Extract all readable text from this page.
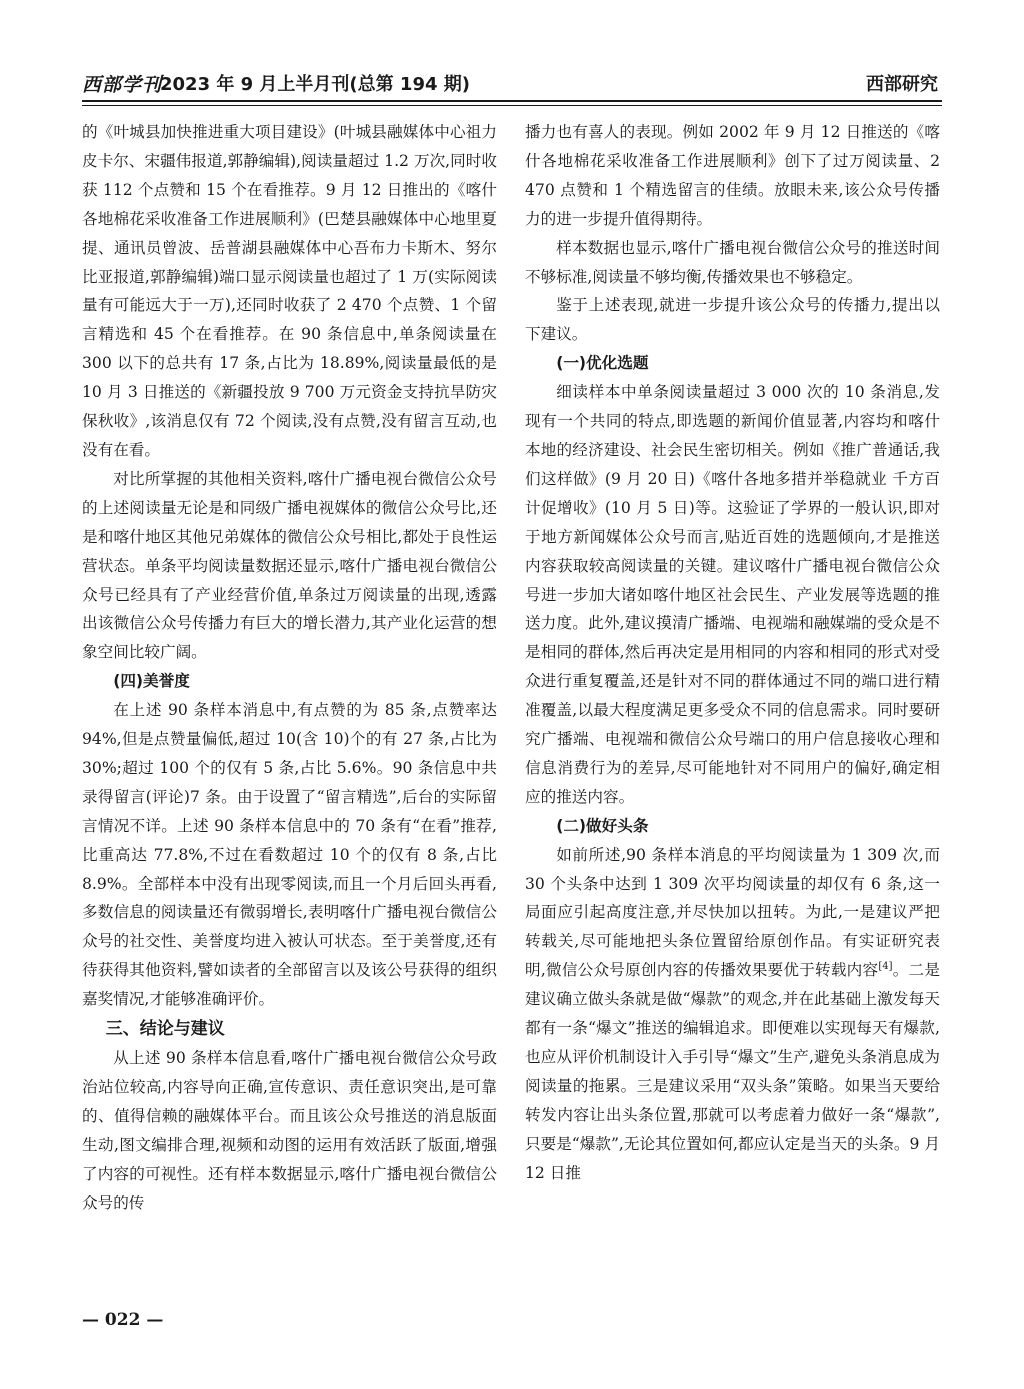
西部学刊
2023 年 9 月上半月刊(总第 194 期)	西部研究

的《叶城县加快推进重大项目建设》(叶城县融媒体中心祖力皮卡尔、宋疆伟报道,郭静编辑),阅读量超过 1.2 万次,同时收获 112 个点赞和 15 个在看推荐。9 月 12 日推出的《喀什各地棉花采收准备工作进展顺利》(巴楚县融媒体中心地里夏提、通讯员曾波、岳普湖县融媒体中心吾布力卡斯木、努尔比亚报道,郭静编辑)端口显示阅读量也超过了 1 万(实际阅读量有可能远大于一万),还同时收获了 2 470 个点赞、1 个留言精选和 45 个在看推荐。在 90 条信息中,单条阅读量在 300 以下的总共有 17 条,占比为 18.89%,阅读量最低的是 10 月 3 日推送的《新疆投放 9 700 万元资金支持抗旱防灾保秋收》,该消息仅有 72 个阅读,没有点赞,没有留言互动,也没有在看。

对比所掌握的其他相关资料,喀什广播电视台微信公众号的上述阅读量无论是和同级广播电视媒体的微信公众号比,还是和喀什地区其他兄弟媒体的微信公众号相比,都处于良性运营状态。单条平均阅读量数据还显示,喀什广播电视台微信公众号已经具有了产业经营价值,单条过万阅读量的出现,透露出该微信公众号传播力有巨大的增长潜力,其产业化运营的想象空间比较广阔。

(四)美誉度

在上述 90 条样本消息中,有点赞的为 85 条,点赞率达 94%,但是点赞量偏低,超过 10(含 10)个的有 27 条,占比为 30%;超过 100 个的仅有 5 条,占比 5.6%。90 条信息中共录得留言(评论)7 条。由于设置了“留言精选”,后台的实际留言情况不详。上述 90 条样本信息中的 70 条有“在看”推荐,比重高达 77.8%,不过在看数超过 10 个的仅有 8 条,占比 8.9%。全部样本中没有出现零阅读,而且一个月后回头再看,多数信息的阅读量还有微弱增长,表明喀什广播电视台微信公众号的社交性、美誉度均进入被认可状态。至于美誉度,还有待获得其他资料,譬如读者的全部留言以及该公号获得的组织嘉奖情况,才能够准确评价。

三、结论与建议

从上述 90 条样本信息看,喀什广播电视台微信公众号政治站位较高,内容导向正确,宣传意识、责任意识突出,是可靠的、值得信赖的融媒体平台。而且该公众号推送的消息版面生动,图文编排合理,视频和动图的运用有效活跃了版面,增强了内容的可视性。还有样本数据显示,喀什广播电视台微信公众号的传

播力也有喜人的表现。例如 2002 年 9 月 12 日推送的《喀什各地棉花采收准备工作进展顺利》创下了过万阅读量、2 470 点赞和 1 个精选留言的佳绩。放眼未来,该公众号传播力的进一步提升值得期待。

样本数据也显示,喀什广播电视台微信公众号的推送时间不够标准,阅读量不够均衡,传播效果也不够稳定。

鉴于上述表现,就进一步提升该公众号的传播力,提出以下建议。

(一)优化选题

细读样本中单条阅读量超过 3 000 次的 10 条消息,发现有一个共同的特点,即选题的新闻价值显著,内容均和喀什本地的经济建设、社会民生密切相关。例如《推广普通话,我们这样做》(9 月 20 日)《喀什各地多措并举稳就业 千方百计促增收》(10 月 5 日)等。这验证了学界的一般认识,即对于地方新闻媒体公众号而言,贴近百姓的选题倾向,才是推送内容获取较高阅读量的关键。建议喀什广播电视台微信公众号进一步加大诸如喀什地区社会民生、产业发展等选题的推送力度。此外,建议摸清广播端、电视端和融媒端的受众是不是相同的群体,然后再决定是用相同的内容和相同的形式对受众进行重复覆盖,还是针对不同的群体通过不同的端口进行精准覆盖,以最大程度满足更多受众不同的信息需求。同时要研究广播端、电视端和微信公众号端口的用户信息接收心理和信息消费行为的差异,尽可能地针对不同用户的偏好,确定相应的推送内容。

(二)做好头条

如前所述,90 条样本消息的平均阅读量为 1 309 次,而 30 个头条中达到 1 309 次平均阅读量的却仅有 6 条,这一局面应引起高度注意,并尽快加以扭转。为此,一是建议严把转载关,尽可能地把头条位置留给原创作品。有实证研究表明,微信公众号原创内容的传播效果要优于转载内容[4]。二是建议确立做头条就是做“爆款”的观念,并在此基础上激发每天都有一条“爆文”推送的编辑追求。即便难以实现每天有爆款,也应从评价机制设计入手引导“爆文”生产,避免头条消息成为阅读量的拖累。三是建议采用“双头条”策略。如果当天要给转发内容让出头条位置,那就可以考虑着力做好一条“爆款”,只要是“爆款”,无论其位置如何,都应认定是当天的头条。9 月 12 日推

— 022 —
